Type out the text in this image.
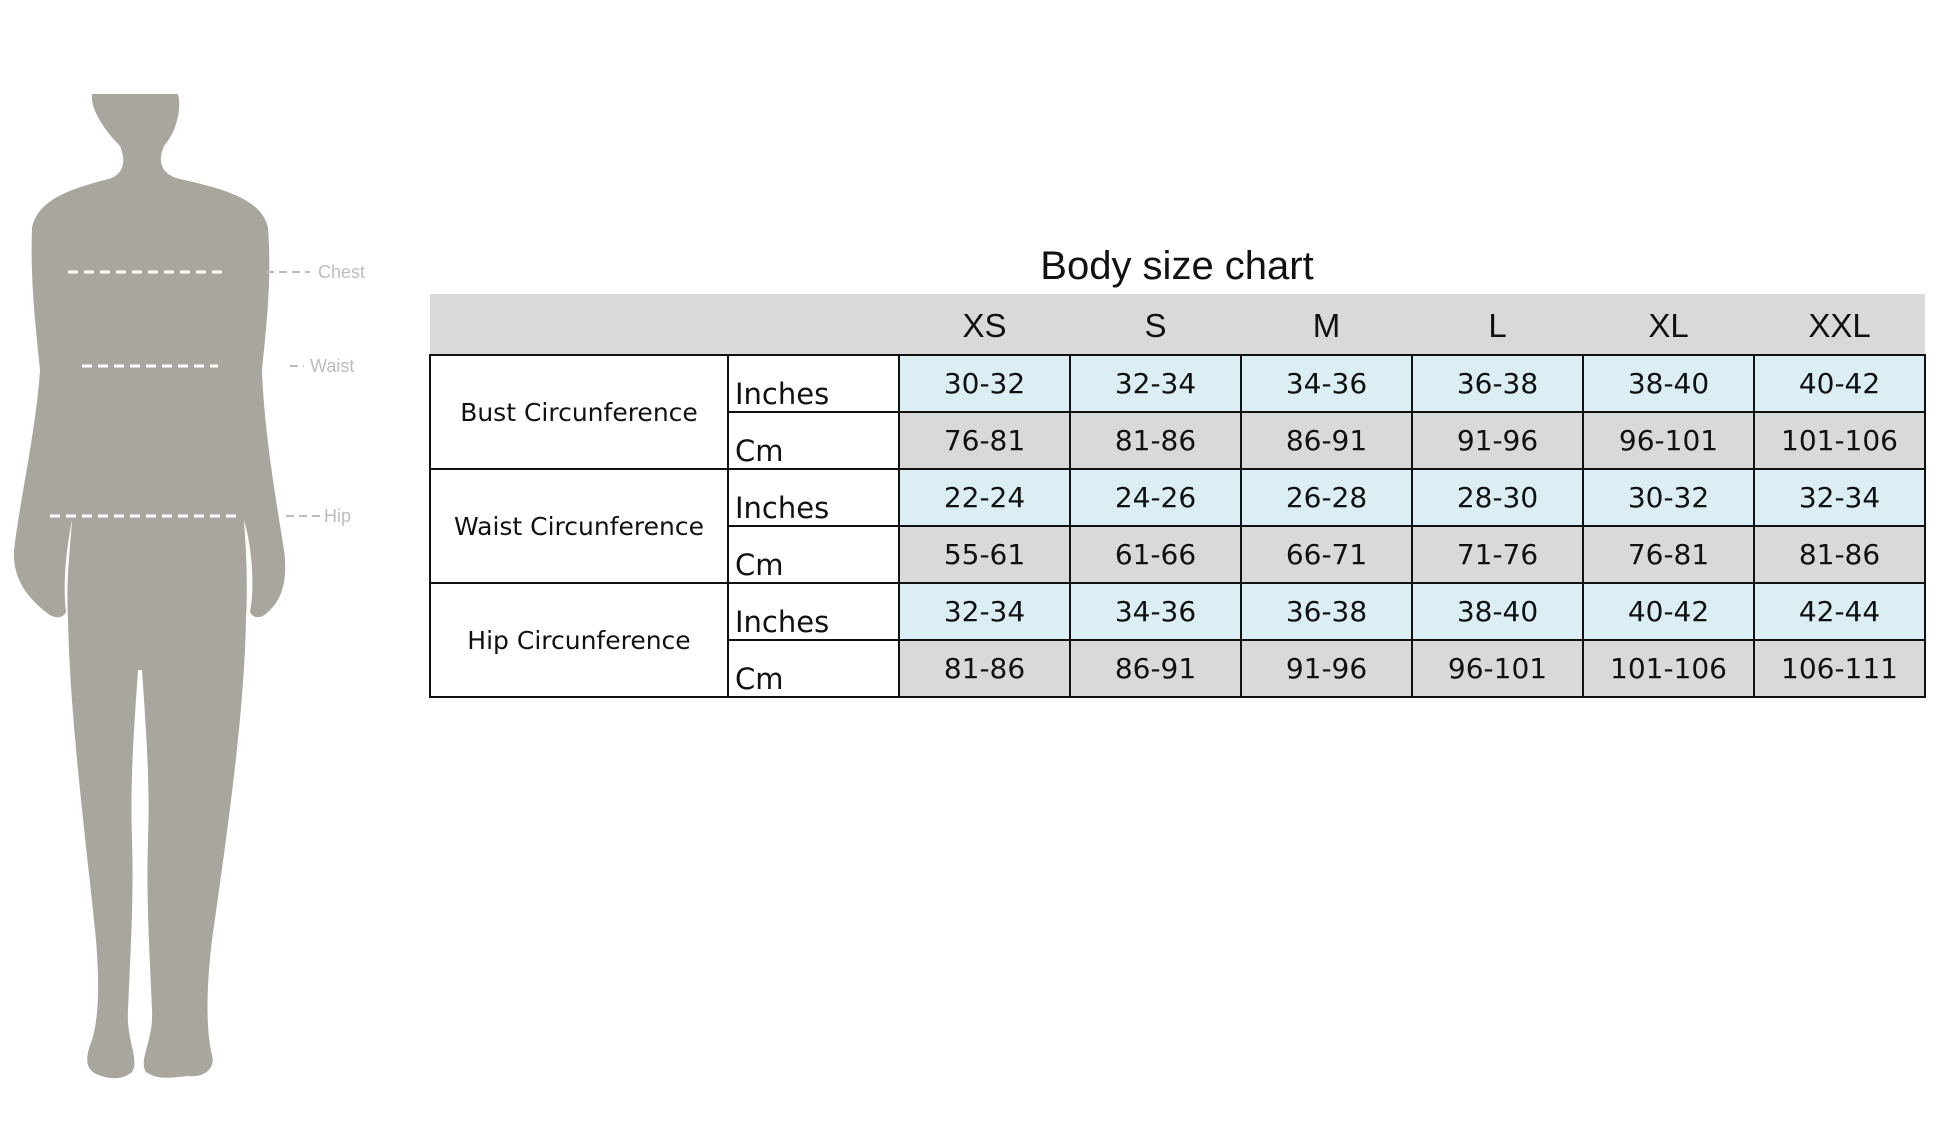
Chest
Waist
Hip
Body size chart
		XS	S	M	L	XL	XXL
Bust Circunference	Inches	30-32	32-34	34-36	36-38	38-40	40-42
	Cm	76-81	81-86	86-91	91-96	96-101	101-106
Waist Circunference	Inches	22-24	24-26	26-28	28-30	30-32	32-34
	Cm	55-61	61-66	66-71	71-76	76-81	81-86
Hip Circunference	Inches	32-34	34-36	36-38	38-40	40-42	42-44
	Cm	81-86	86-91	91-96	96-101	101-106	106-111
